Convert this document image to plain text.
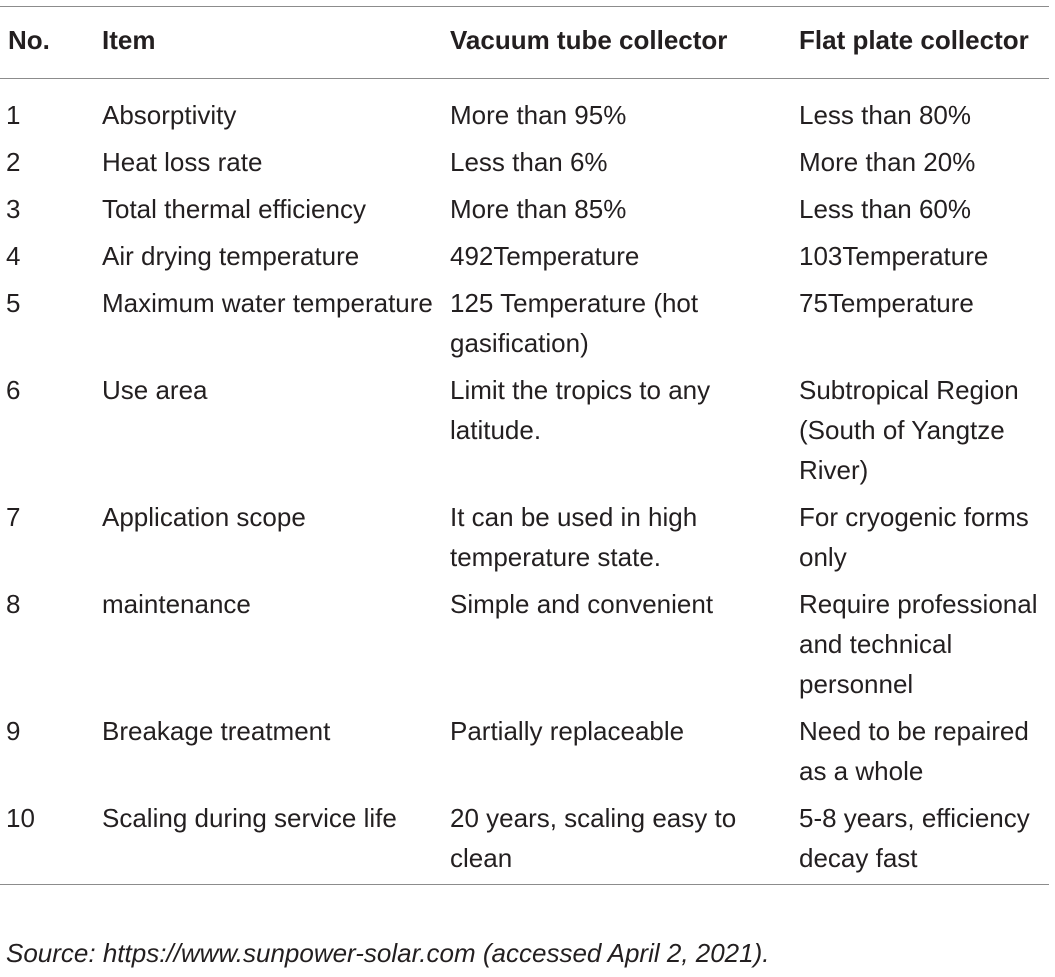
No.	Item	Vacuum tube collector	Flat plate collector
1	Absorptivity	More than 95%	Less than 80%
2	Heat loss rate	Less than 6%	More than 20%
3	Total thermal efficiency	More than 85%	Less than 60%
4	Air drying temperature	492Temperature	103Temperature
5	Maximum water temperature	125 Temperature (hot gasification)	75Temperature
6	Use area	Limit the tropics to any latitude.	Subtropical Region (South of Yangtze River)
7	Application scope	It can be used in high temperature state.	For cryogenic forms only
8	maintenance	Simple and convenient	Require professional and technical personnel
9	Breakage treatment	Partially replaceable	Need to be repaired as a whole
10	Scaling during service life	20 years, scaling easy to clean	5-8 years, efficiency decay fast
Source: https://www.sunpower-solar.com (accessed April 2, 2021).
